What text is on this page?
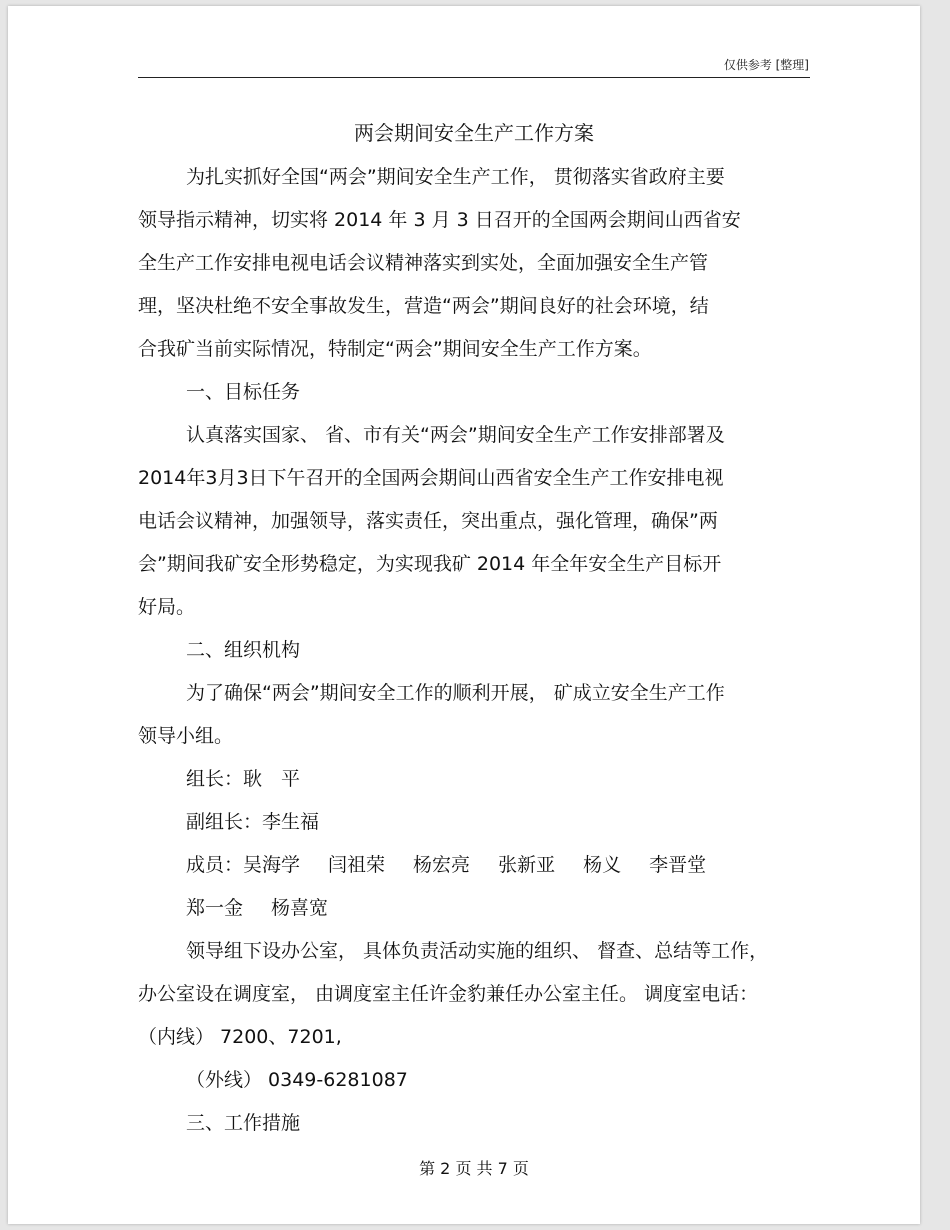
仅供参考 [整理]
两会期间安全生产工作方案
为扎实抓好全国“两会”期间安全生产工作， 贯彻落实省政府主要
领导指示精神，切实将 2014 年 3 月 3 日召开的全国两会期间山西省安
全生产工作安排电视电话会议精神落实到实处，全面加强安全生产管
理，坚决杜绝不安全事故发生，营造“两会”期间良好的社会环境，结
合我矿当前实际情况，特制定“两会”期间安全生产工作方案。
一、目标任务
认真落实国家、 省、市有关“两会”期间安全生产工作安排部署及
2014年3月3日下午召开的全国两会期间山西省安全生产工作安排电视
电话会议精神，加强领导，落实责任，突出重点，强化管理，确保”两
会”期间我矿安全形势稳定，为实现我矿 2014 年全年安全生产目标开
好局。
二、组织机构
为了确保“两会”期间安全工作的顺利开展， 矿成立安全生产工作
领导小组。
组长：耿　平
副组长：李生福
成员：吴海学 闫祖荣 杨宏亮 张新亚 杨义 李晋堂
郑一金 杨喜宽
领导组下设办公室， 具体负责活动实施的组织、 督查、总结等工作，
办公室设在调度室， 由调度室主任许金豹兼任办公室主任。 调度室电话：
（内线） 7200、7201,
（外线） 0349-6281087
三、工作措施
第 2 页 共 7 页
